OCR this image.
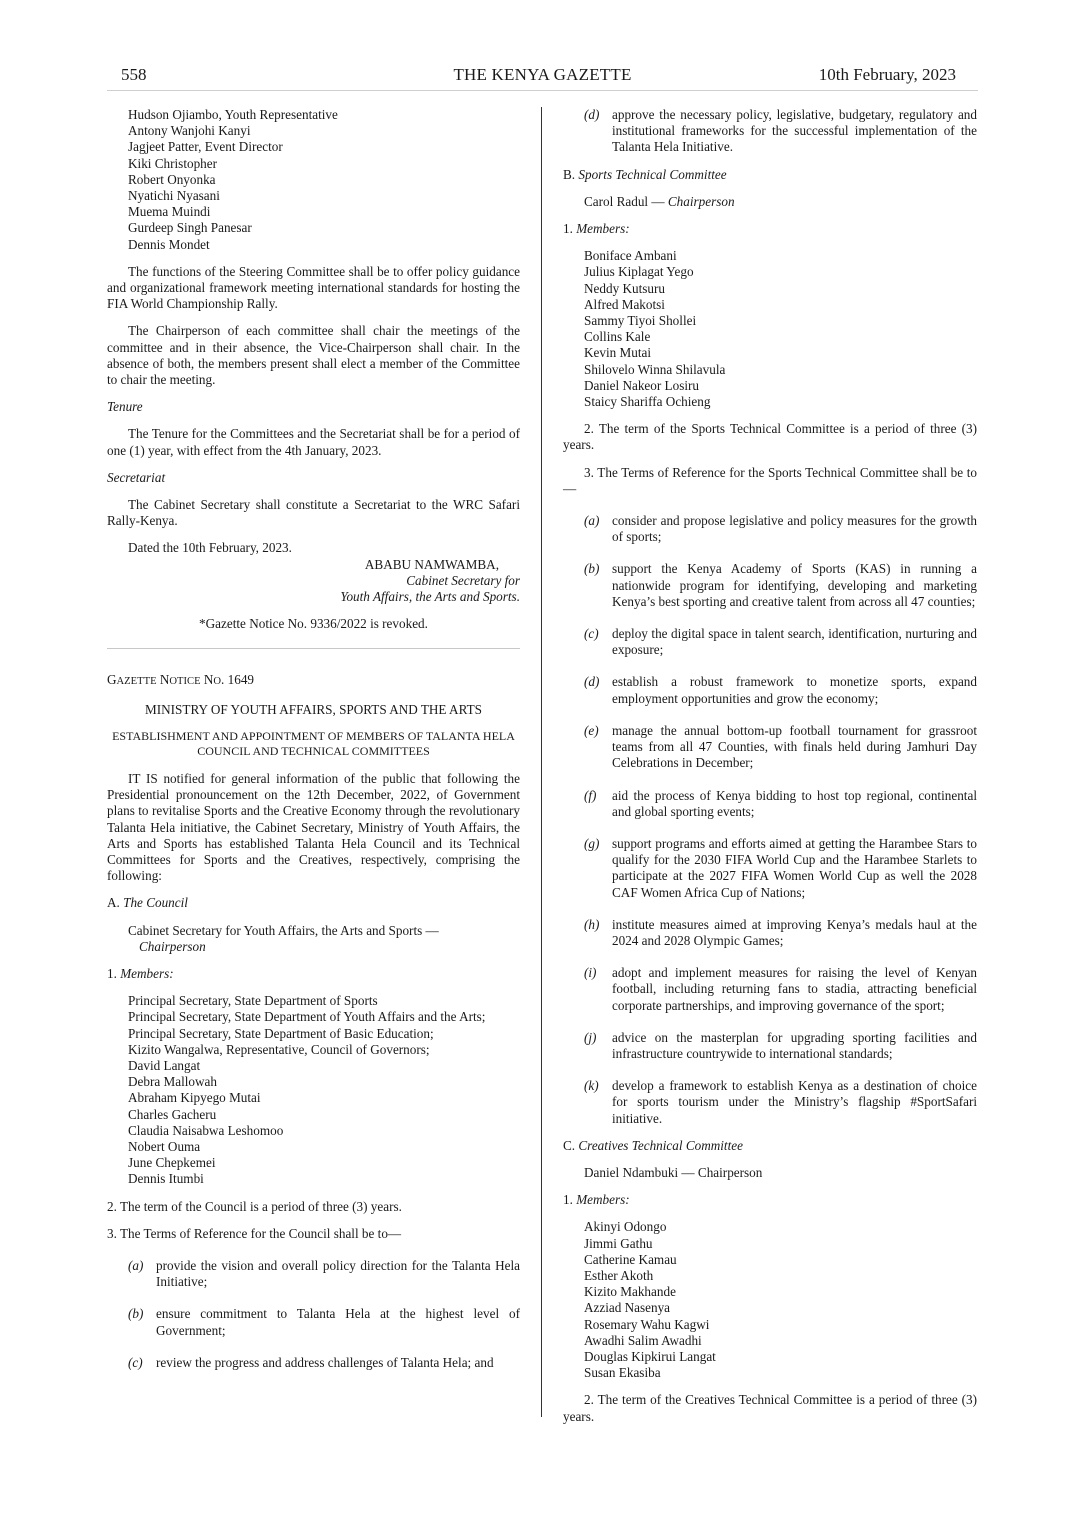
558	THE KENYA GAZETTE	10th February, 2023
Hudson Ojiambo, Youth Representative
Antony Wanjohi Kanyi
Jagjeet Patter, Event Director
Kiki Christopher
Robert Onyonka
Nyatichi Nyasani
Muema Muindi
Gurdeep Singh Panesar
Dennis Mondet

The functions of the Steering Committee shall be to offer policy guidance and organizational framework meeting international standards for hosting the FIA World Championship Rally.

The Chairperson of each committee shall chair the meetings of the committee and in their absence, the Vice-Chairperson shall chair. In the absence of both, the members present shall elect a member of the Committee to chair the meeting.

Tenure

The Tenure for the Committees and the Secretariat shall be for a period of one (1) year, with effect from the 4th January, 2023.

Secretariat

The Cabinet Secretary shall constitute a Secretariat to the WRC Safari Rally-Kenya.

Dated the 10th February, 2023.

ABABU NAMWAMBA,
Cabinet Secretary for
Youth Affairs, the Arts and Sports.

*Gazette Notice No. 9336/2022 is revoked.

GAZETTE NOTICE NO. 1649

MINISTRY OF YOUTH AFFAIRS, SPORTS AND THE ARTS

ESTABLISHMENT AND APPOINTMENT OF MEMBERS OF TALANTA HELA
COUNCIL AND TECHNICAL COMMITTEES

IT IS notified for general information of the public that following the Presidential pronouncement on the 12th December, 2022, of Government plans to revitalise Sports and the Creative Economy through the revolutionary Talanta Hela initiative, the Cabinet Secretary, Ministry of Youth Affairs, the Arts and Sports has established Talanta Hela Council and its Technical Committees for Sports and the Creatives, respectively, comprising the following:

A. The Council

Cabinet Secretary for Youth Affairs, the Arts and Sports —
Chairperson

1. Members:

Principal Secretary, State Department of Sports
Principal Secretary, State Department of Youth Affairs and the Arts;
Principal Secretary, State Department of Basic Education;
Kizito Wangalwa, Representative, Council of Governors;
David Langat
Debra Mallowah
Abraham Kipyego Mutai
Charles Gacheru
Claudia Naisabwa Leshomoo
Nobert Ouma
June Chepkemei
Dennis Itumbi

2. The term of the Council is a period of three (3) years.

3. The Terms of Reference for the Council shall be to—

(a) provide the vision and overall policy direction for the Talanta Hela Initiative;
(b) ensure commitment to Talanta Hela at the highest level of Government;
(c)	review the progress and address challenges of Talanta Hela; and
(d) approve the necessary policy, legislative, budgetary, regulatory and institutional frameworks for the successful implementation of the Talanta Hela Initiative.

B. Sports Technical Committee

Carol Radul — Chairperson

1. Members:

Boniface Ambani
Julius Kiplagat Yego
Neddy Kutsuru
Alfred Makotsi
Sammy Tiyoi Shollei
Collins Kale
Kevin Mutai
Shilovelo Winna Shilavula
Daniel Nakeor Losiru
Staicy Shariffa Ochieng

2. The term of the Sports Technical Committee is a period of three (3) years.

3. The Terms of Reference for the Sports Technical Committee shall be to—

(a) consider and propose legislative and policy measures for the growth of sports;
(b) support the Kenya Academy of Sports (KAS) in running a nationwide program for identifying, developing and marketing Kenya’s best sporting and creative talent from across all 47 counties;
(c)	deploy the digital space in talent search, identification, nurturing and exposure;
(d) establish a robust framework to monetize sports, expand employment opportunities and grow the economy;
(e)	manage the annual bottom-up football tournament for grassroot teams from all 47 Counties, with finals held during Jamhuri Day Celebrations in December;
(f)	aid the process of Kenya bidding to host top regional, continental and global sporting events;
(g) support programs and efforts aimed at getting the Harambee Stars to qualify for the 2030 FIFA World Cup and the Harambee Starlets to participate at the 2027 FIFA Women World Cup as well the 2028 CAF Women Africa Cup of Nations;
(h) institute measures aimed at improving Kenya’s medals haul at the 2024 and 2028 Olympic Games;
(i)	adopt and implement measures for raising the level of Kenyan football, including returning fans to stadia, attracting beneficial corporate partnerships, and improving governance of the sport;
(j)	advice on the masterplan for upgrading sporting facilities and infrastructure countrywide to international standards;
(k)	develop a framework to establish Kenya as a destination of choice for sports tourism under the Ministry’s flagship #SportSafari initiative.

C. Creatives Technical Committee

Daniel Ndambuki — Chairperson

1. Members:

Akinyi Odongo
Jimmi Gathu
Catherine Kamau
Esther Akoth
Kizito Makhande
Azziad Nasenya
Rosemary Wahu Kagwi
Awadhi Salim Awadhi
Douglas Kipkirui Langat
Susan Ekasiba

2. The term of the Creatives Technical Committee is a period of three (3) years.
